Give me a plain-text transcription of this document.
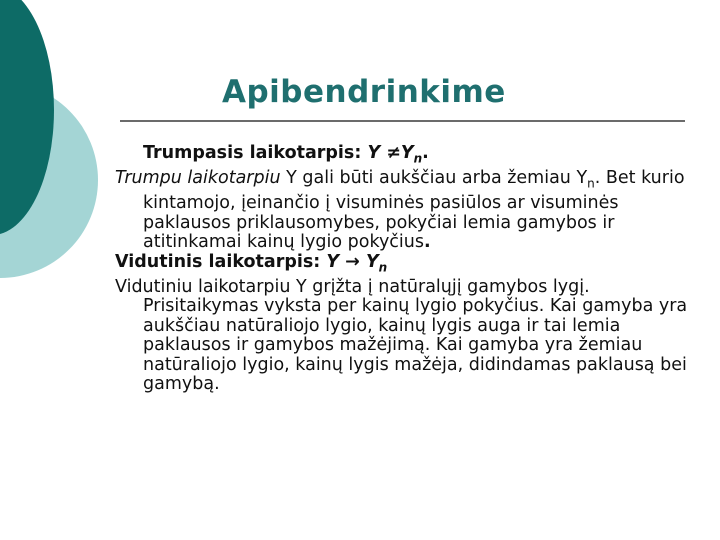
Apibendrinkime

Trumpasis laikotarpis: $Y \ne Y_n$.

Trumpu laikotarpiu Y gali būti aukščiau arba žemiau $Y_n$. Bet kurio kintamojo, įeinančio į visuminės pasiūlos ar visuminės paklausos priklausomybes, pokyčiai lemia gamybos ir atitinkamai kainų lygio pokyčius.

Vidutinis laikotarpis: $Y \to Y_n$

Vidutiniu laikotarpiu Y grįžta į natūralųjį gamybos lygį. Prisitaikymas vyksta per kainų lygio pokyčius. Kai gamyba yra aukščiau natūraliojo lygio, kainų lygis auga ir tai lemia paklausos ir gamybos mažėjimą. Kai gamyba yra žemiau natūraliojo lygio, kainų lygis mažėja, didindamas paklausą bei gamybą.
